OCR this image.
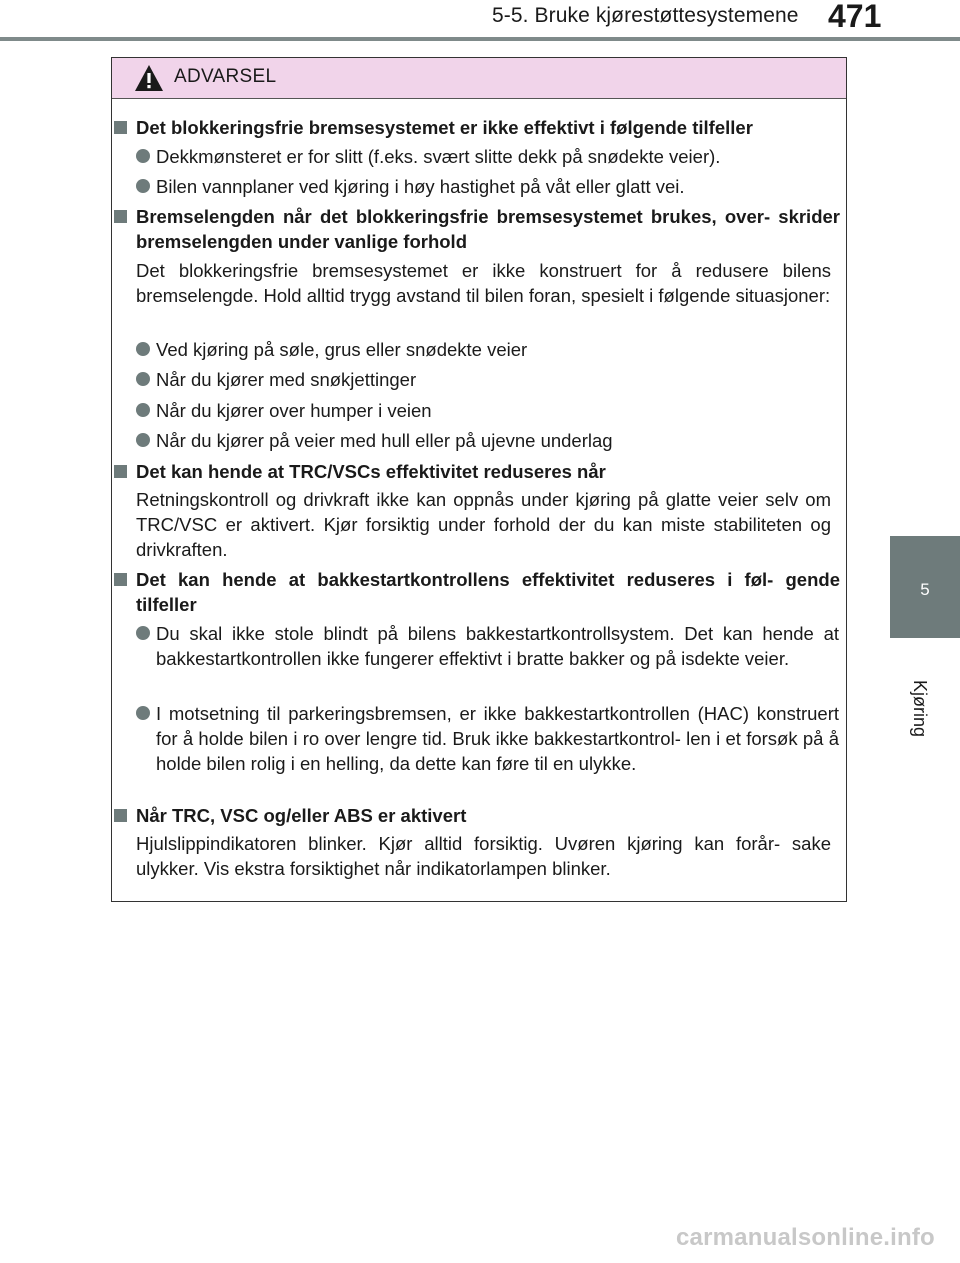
5-5. Bruke kjørestøttesystemene 471
5
Kjøring
ADVARSEL
Det blokkeringsfrie bremsesystemet er ikke effektivt i følgende tilfeller
Dekkmønsteret er for slitt (f.eks. svært slitte dekk på snødekte veier).
Bilen vannplaner ved kjøring i høy hastighet på våt eller glatt vei.
Bremselengden når det blokkeringsfrie bremsesystemet brukes, over- skrider bremselengden under vanlige forhold
Det blokkeringsfrie bremsesystemet er ikke konstruert for å redusere bilens bremselengde. Hold alltid trygg avstand til bilen foran, spesielt i følgende situasjoner:
Ved kjøring på søle, grus eller snødekte veier
Når du kjører med snøkjettinger
Når du kjører over humper i veien
Når du kjører på veier med hull eller på ujevne underlag
Det kan hende at TRC/VSCs effektivitet reduseres når
Retningskontroll og drivkraft ikke kan oppnås under kjøring på glatte veier selv om TRC/VSC er aktivert. Kjør forsiktig under forhold der du kan miste stabiliteten og drivkraften.
Det kan hende at bakkestartkontrollens effektivitet reduseres i føl- gende tilfeller
Du skal ikke stole blindt på bilens bakkestartkontrollsystem. Det kan hende at bakkestartkontrollen ikke fungerer effektivt i bratte bakker og på isdekte veier.
I motsetning til parkeringsbremsen, er ikke bakkestartkontrollen (HAC) konstruert for å holde bilen i ro over lengre tid. Bruk ikke bakkestartkontrol- len i et forsøk på å holde bilen rolig i en helling, da dette kan føre til en ulykke.
Når TRC, VSC og/eller ABS er aktivert
Hjulslippindikatoren blinker. Kjør alltid forsiktig. Uvøren kjøring kan forår- sake ulykker. Vis ekstra forsiktighet når indikatorlampen blinker.
carmanualsonline.info
